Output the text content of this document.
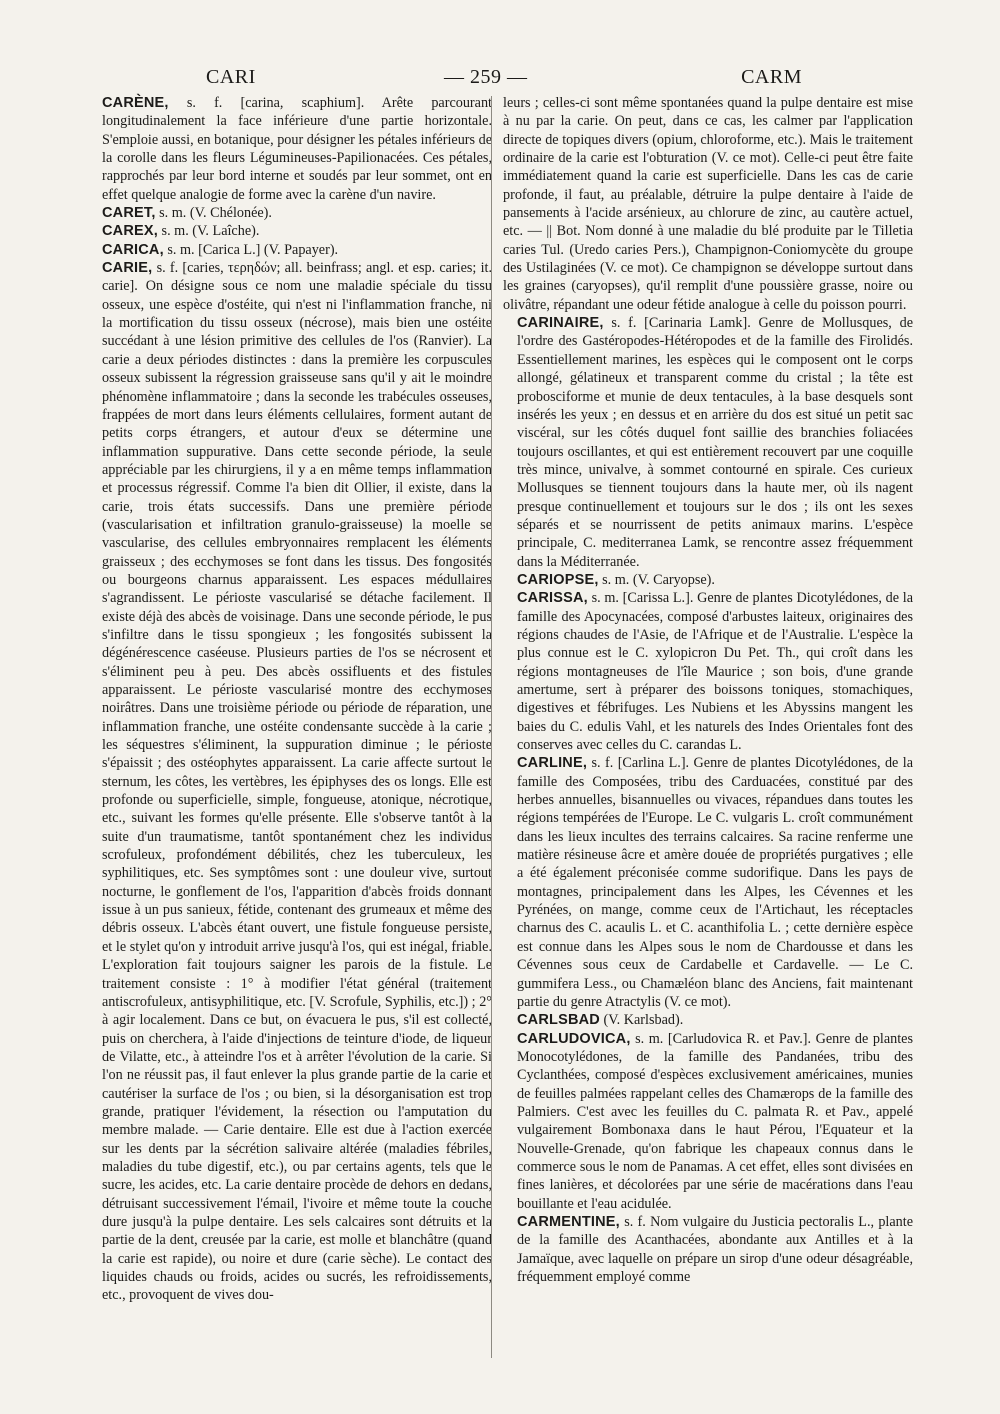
CARI	— 259 —	CARM

CARÈNE, s. f. [carina, scaphium]. Arête parcourant longitudinalement la face inférieure d'une partie horizontale. S'emploie aussi, en botanique, pour désigner les pétales inférieurs de la corolle dans les fleurs Légumineuses-Papilionacées. Ces pétales, rapprochés par leur bord interne et soudés par leur sommet, ont en effet quelque analogie de forme avec la carène d'un navire.

CARET, s. m. (V. Chélonée).

CAREX, s. m. (V. Laîche).

CARICA, s. m. [Carica L.] (V. Papayer).

CARIE, s. f. [caries, τερηδών; all. beinfrass; angl. et esp. caries; it. carie]. On désigne sous ce nom une maladie spéciale du tissu osseux, une espèce d'ostéite, qui n'est ni l'inflammation franche, ni la mortification du tissu osseux (nécrose), mais bien une ostéite succédant à une lésion primitive des cellules de l'os (Ranvier). La carie a deux périodes distinctes : dans la première les corpuscules osseux subissent la régression graisseuse sans qu'il y ait le moindre phénomène inflammatoire ; dans la seconde les trabécules osseuses, frappées de mort dans leurs éléments cellulaires, forment autant de petits corps étrangers, et autour d'eux se détermine une inflammation suppurative. Dans cette seconde période, la seule appréciable par les chirurgiens, il y a en même temps inflammation et processus régressif. Comme l'a bien dit Ollier, il existe, dans la carie, trois états successifs. Dans une première période (vascularisation et infiltration granulo-graisseuse) la moelle se vascularise, des cellules embryonnaires remplacent les éléments graisseux ; des ecchymoses se font dans les tissus. Des fongosités ou bourgeons charnus apparaissent. Les espaces médullaires s'agrandissent. Le périoste vascularisé se détache facilement. Il existe déjà des abcès de voisinage. Dans une seconde période, le pus s'infiltre dans le tissu spongieux ; les fongosités subissent la dégénérescence caséeuse. Plusieurs parties de l'os se nécrosent et s'éliminent peu à peu. Des abcès ossifluents et des fistules apparaissent. Le périoste vascularisé montre des ecchymoses noirâtres. Dans une troisième période ou période de réparation, une inflammation franche, une ostéite condensante succède à la carie ; les séquestres s'éliminent, la suppuration diminue ; le périoste s'épaissit ; des ostéophytes apparaissent. La carie affecte surtout le sternum, les côtes, les vertèbres, les épiphyses des os longs. Elle est profonde ou superficielle, simple, fongueuse, atonique, nécrotique, etc., suivant les formes qu'elle présente. Elle s'observe tantôt à la suite d'un traumatisme, tantôt spontanément chez les individus scrofuleux, profondément débilités, chez les tuberculeux, les syphilitiques, etc. Ses symptômes sont : une douleur vive, surtout nocturne, le gonflement de l'os, l'apparition d'abcès froids donnant issue à un pus sanieux, fétide, contenant des grumeaux et même des débris osseux. L'abcès étant ouvert, une fistule fongueuse persiste, et le stylet qu'on y introduit arrive jusqu'à l'os, qui est inégal, friable. L'exploration fait toujours saigner les parois de la fistule. Le traitement consiste : 1° à modifier l'état général (traitement antiscrofuleux, antisyphilitique, etc. [V. Scrofule, Syphilis, etc.]) ; 2° à agir localement. Dans ce but, on évacuera le pus, s'il est collecté, puis on cherchera, à l'aide d'injections de teinture d'iode, de liqueur de Vilatte, etc., à atteindre l'os et à arrêter l'évolution de la carie. Si l'on ne réussit pas, il faut enlever la plus grande partie de la carie et cautériser la surface de l'os ; ou bien, si la désorganisation est trop grande, pratiquer l'évidement, la résection ou l'amputation du membre malade. — Carie dentaire. Elle est due à l'action exercée sur les dents par la sécrétion salivaire altérée (maladies fébriles, maladies du tube digestif, etc.), ou par certains agents, tels que le sucre, les acides, etc. La carie dentaire procède de dehors en dedans, détruisant successivement l'émail, l'ivoire et même toute la couche dure jusqu'à la pulpe dentaire. Les sels calcaires sont détruits et la partie de la dent, creusée par la carie, est molle et blanchâtre (quand la carie est rapide), ou noire et dure (carie sèche). Le contact des liquides chauds ou froids, acides ou sucrés, les refroidissements, etc., provoquent de vives dou-

leurs ; celles-ci sont même spontanées quand la pulpe dentaire est mise à nu par la carie. On peut, dans ce cas, les calmer par l'application directe de topiques divers (opium, chloroforme, etc.). Mais le traitement ordinaire de la carie est l'obturation (V. ce mot). Celle-ci peut être faite immédiatement quand la carie est superficielle. Dans les cas de carie profonde, il faut, au préalable, détruire la pulpe dentaire à l'aide de pansements à l'acide arsénieux, au chlorure de zinc, au cautère actuel, etc. — || Bot. Nom donné à une maladie du blé produite par le Tilletia caries Tul. (Uredo caries Pers.), Champignon-Coniomycète du groupe des Ustilaginées (V. ce mot). Ce champignon se développe surtout dans les graines (caryopses), qu'il remplit d'une poussière grasse, noire ou olivâtre, répandant une odeur fétide analogue à celle du poisson pourri.

CARINAIRE, s. f. [Carinaria Lamk]. Genre de Mollusques, de l'ordre des Gastéropodes-Hétéropodes et de la famille des Firolidés. Essentiellement marines, les espèces qui le composent ont le corps allongé, gélatineux et transparent comme du cristal ; la tête est probosciforme et munie de deux tentacules, à la base desquels sont insérés les yeux ; en dessus et en arrière du dos est situé un petit sac viscéral, sur les côtés duquel font saillie des branchies foliacées toujours oscillantes, et qui est entièrement recouvert par une coquille très mince, univalve, à sommet contourné en spirale. Ces curieux Mollusques se tiennent toujours dans la haute mer, où ils nagent presque continuellement et toujours sur le dos ; ils ont les sexes séparés et se nourrissent de petits animaux marins. L'espèce principale, C. mediterranea Lamk, se rencontre assez fréquemment dans la Méditerranée.

CARIOPSE, s. m. (V. Caryopse).

CARISSA, s. m. [Carissa L.]. Genre de plantes Dicotylédones, de la famille des Apocynacées, composé d'arbustes laiteux, originaires des régions chaudes de l'Asie, de l'Afrique et de l'Australie. L'espèce la plus connue est le C. xylopicron Du Pet. Th., qui croît dans les régions montagneuses de l'île Maurice ; son bois, d'une grande amertume, sert à préparer des boissons toniques, stomachiques, digestives et fébrifuges. Les Nubiens et les Abyssins mangent les baies du C. edulis Vahl, et les naturels des Indes Orientales font des conserves avec celles du C. carandas L.

CARLINE, s. f. [Carlina L.]. Genre de plantes Dicotylédones, de la famille des Composées, tribu des Carduacées, constitué par des herbes annuelles, bisannuelles ou vivaces, répandues dans toutes les régions tempérées de l'Europe. Le C. vulgaris L. croît communément dans les lieux incultes des terrains calcaires. Sa racine renferme une matière résineuse âcre et amère douée de propriétés purgatives ; elle a été également préconisée comme sudorifique. Dans les pays de montagnes, principalement dans les Alpes, les Cévennes et les Pyrénées, on mange, comme ceux de l'Artichaut, les réceptacles charnus des C. acaulis L. et C. acanthifolia L. ; cette dernière espèce est connue dans les Alpes sous le nom de Chardousse et dans les Cévennes sous ceux de Cardabelle et Cardavelle. — Le C. gummifera Less., ou Chamæléon blanc des Anciens, fait maintenant partie du genre Atractylis (V. ce mot).

CARLSBAD (V. Karlsbad).

CARLUDOVICA, s. m. [Carludovica R. et Pav.]. Genre de plantes Monocotylédones, de la famille des Pandanées, tribu des Cyclanthées, composé d'espèces exclusivement américaines, munies de feuilles palmées rappelant celles des Chamærops de la famille des Palmiers. C'est avec les feuilles du C. palmata R. et Pav., appelé vulgairement Bombonaxa dans le haut Pérou, l'Equateur et la Nouvelle-Grenade, qu'on fabrique les chapeaux connus dans le commerce sous le nom de Panamas. A cet effet, elles sont divisées en fines lanières, et décolorées par une série de macérations dans l'eau bouillante et l'eau acidulée.

CARMENTINE, s. f. Nom vulgaire du Justicia pectoralis L., plante de la famille des Acanthacées, abondante aux Antilles et à la Jamaïque, avec laquelle on prépare un sirop d'une odeur désagréable, fréquemment employé comme
